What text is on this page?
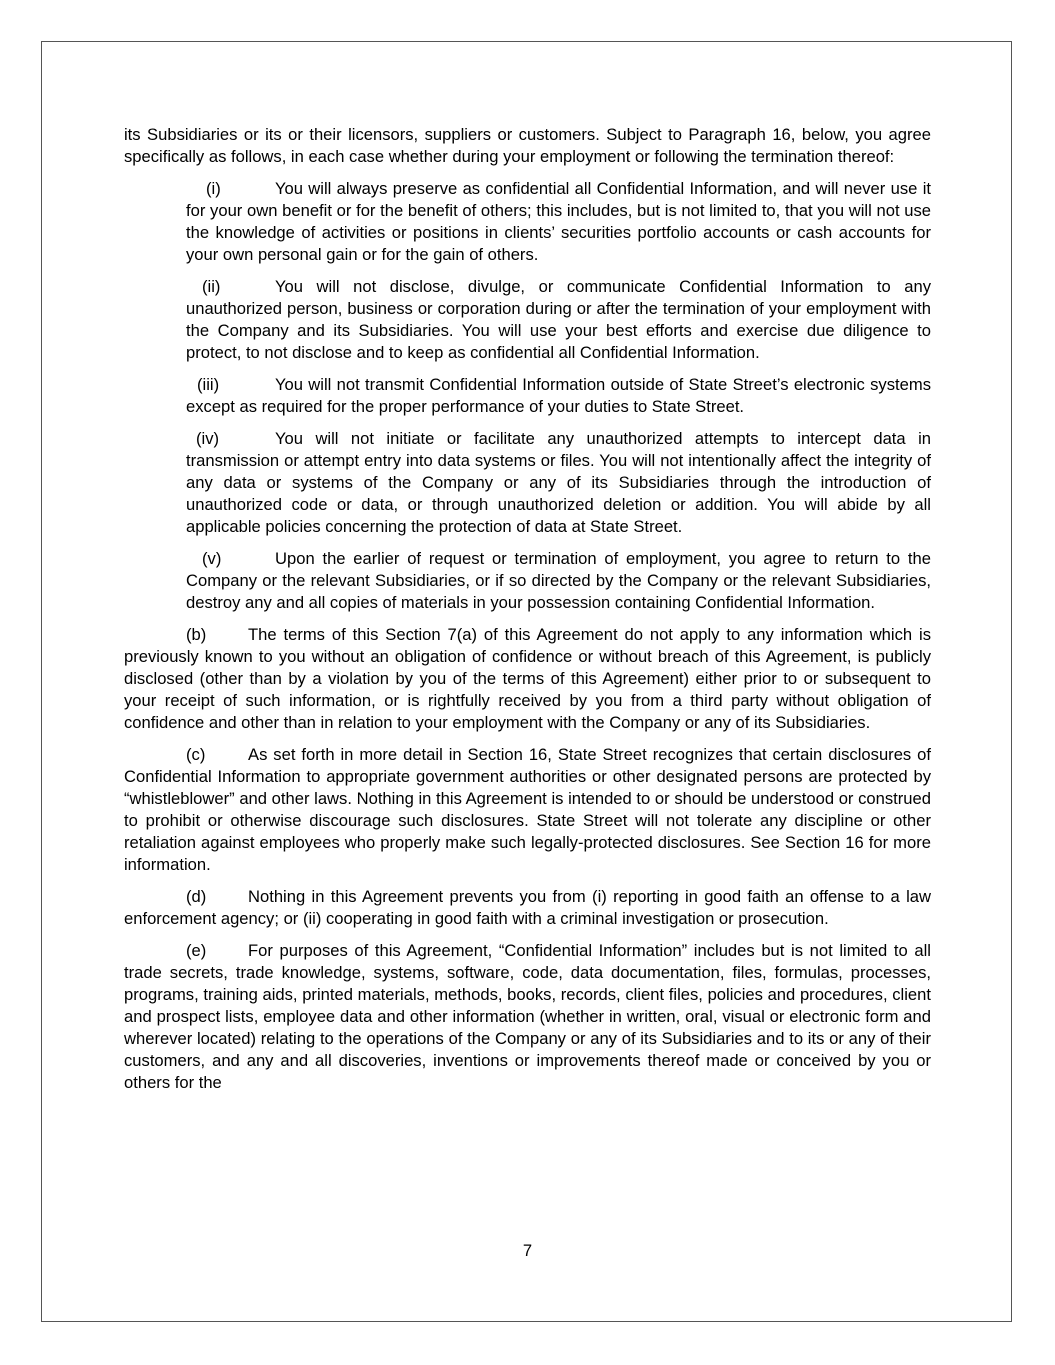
its Subsidiaries or its or their licensors, suppliers or customers. Subject to Paragraph 16, below, you agree specifically as follows, in each case whether during your employment or following the termination thereof:

(i)	You will always preserve as confidential all Confidential Information, and will never use it for your own benefit or for the benefit of others; this includes, but is not limited to, that you will not use the knowledge of activities or positions in clients’ securities portfolio accounts or cash accounts for your own personal gain or for the gain of others.

(ii)	You will not disclose, divulge, or communicate Confidential Information to any unauthorized person, business or corporation during or after the termination of your employment with the Company and its Subsidiaries. You will use your best efforts and exercise due diligence to protect, to not disclose and to keep as confidential all Confidential Information.

(iii)	You will not transmit Confidential Information outside of State Street’s electronic systems except as required for the proper performance of your duties to State Street.

(iv)	You will not initiate or facilitate any unauthorized attempts to intercept data in transmission or attempt entry into data systems or files. You will not intentionally affect the integrity of any data or systems of the Company or any of its Subsidiaries through the introduction of unauthorized code or data, or through unauthorized deletion or addition. You will abide by all applicable policies concerning the protection of data at State Street.

(v)	Upon the earlier of request or termination of employment, you agree to return to the Company or the relevant Subsidiaries, or if so directed by the Company or the relevant Subsidiaries, destroy any and all copies of materials in your possession containing Confidential Information.

(b)	The terms of this Section 7(a) of this Agreement do not apply to any information which is previously known to you without an obligation of confidence or without breach of this Agreement, is publicly disclosed (other than by a violation by you of the terms of this Agreement) either prior to or subsequent to your receipt of such information, or is rightfully received by you from a third party without obligation of confidence and other than in relation to your employment with the Company or any of its Subsidiaries.

(c)	As set forth in more detail in Section 16, State Street recognizes that certain disclosures of Confidential Information to appropriate government authorities or other designated persons are protected by “whistleblower” and other laws. Nothing in this Agreement is intended to or should be understood or construed to prohibit or otherwise discourage such disclosures. State Street will not tolerate any discipline or other retaliation against employees who properly make such legally-protected disclosures. See Section 16 for more information.

(d)	Nothing in this Agreement prevents you from (i) reporting in good faith an offense to a law enforcement agency; or (ii) cooperating in good faith with a criminal investigation or prosecution.

(e)	For purposes of this Agreement, “Confidential Information” includes but is not limited to all trade secrets, trade knowledge, systems, software, code, data documentation, files, formulas, processes, programs, training aids, printed materials, methods, books, records, client files, policies and procedures, client and prospect lists, employee data and other information (whether in written, oral, visual or electronic form and wherever located) relating to the operations of the Company or any of its Subsidiaries and to its or any of their customers, and any and all discoveries, inventions or improvements thereof made or conceived by you or others for the

7
